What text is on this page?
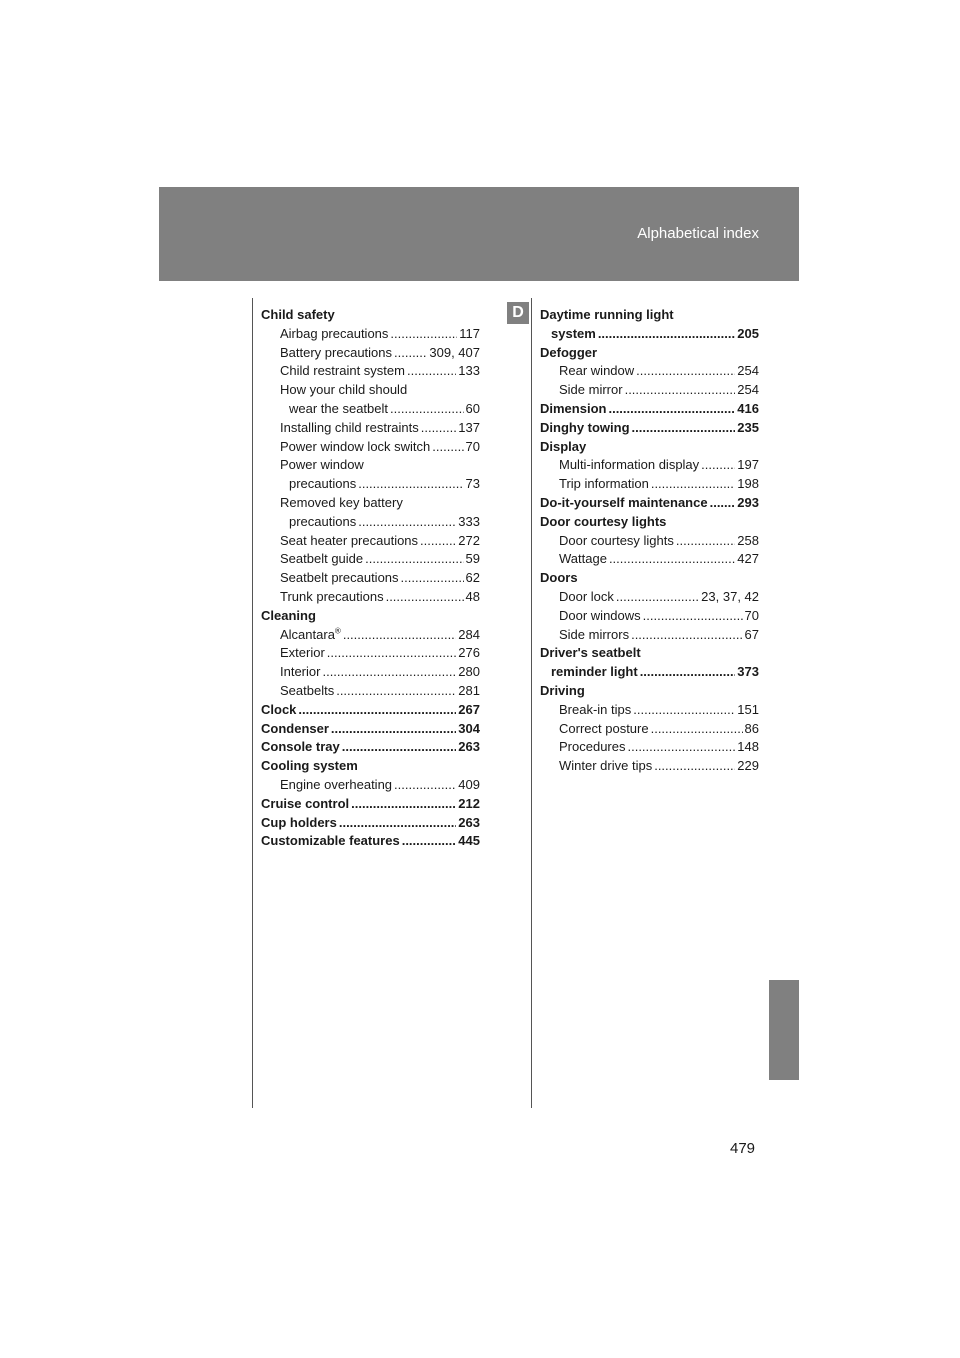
Alphabetical index
D
Child safety
Airbag precautions .....	117
Battery precautions .....	309, 407
Child restraint system .....	133
How your child should
wear the seatbelt .....	60
Installing child restraints .....	137
Power window lock switch .....	70
Power window
precautions .....	73
Removed key battery
precautions .....	333
Seat heater precautions .....	272
Seatbelt guide .....	59
Seatbelt precautions .....	62
Trunk precautions .....	48
Cleaning
Alcantara® .....	284
Exterior .....	276
Interior .....	280
Seatbelts .....	281
Clock .....	267
Condenser .....	304
Console tray .....	263
Cooling system
Engine overheating .....	409
Cruise control .....	212
Cup holders .....	263
Customizable features .....	445
Daytime running light
system .....	205
Defogger
Rear window .....	254
Side mirror .....	254
Dimension .....	416
Dinghy towing .....	235
Display
Multi-information display .....	197
Trip information .....	198
Do-it-yourself maintenance ..... 293
Door courtesy lights
Door courtesy lights .....	258
Wattage .....	427
Doors
Door lock .....	23, 37, 42
Door windows .....	70
Side mirrors .....	67
Driver's seatbelt
reminder light .....	373
Driving
Break-in tips .....	151
Correct posture .....	86
Procedures .....	148
Winter drive tips .....	229
479
